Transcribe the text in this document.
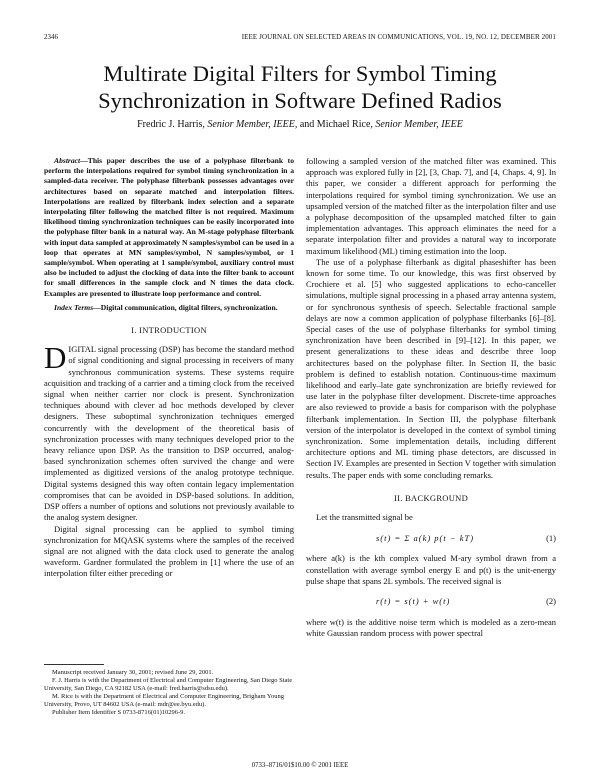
2346	IEEE JOURNAL ON SELECTED AREAS IN COMMUNICATIONS, VOL. 19, NO. 12, DECEMBER 2001
Multirate Digital Filters for Symbol Timing
Synchronization in Software Defined Radios
Fredric J. Harris, Senior Member, IEEE, and Michael Rice, Senior Member, IEEE

Abstract—This paper describes the use of a polyphase filterbank to perform the interpolations required for symbol timing synchronization in a sampled-data receiver. The polyphase filterbank possesses advantages over architectures based on separate matched and interpolation filters. Interpolations are realized by filterbank index selection and a separate interpolating filter following the matched filter is not required. Maximum likelihood timing synchronization techniques can be easily incorporated into the polyphase filter bank in a natural way. An M-stage polyphase filterbank with input data sampled at approximately N samples/symbol can be used in a loop that operates at MN samples/symbol, N samples/symbol, or 1 sample/symbol. When operating at 1 sample/symbol, auxiliary control must also be included to adjust the clocking of data into the filter bank to account for small differences in the sample clock and N times the data clock. Examples are presented to illustrate loop performance and control.

Index Terms—Digital communication, digital filters, synchronization.

I. INTRODUCTION

DIGITAL signal processing (DSP) has become the standard method of signal conditioning and signal processing in receivers of many synchronous communication systems. These systems require acquisition and tracking of a carrier and a timing clock from the received signal when neither carrier nor clock is present. Synchronization techniques abound with clever ad hoc methods developed by clever designers. These suboptimal synchronization techniques emerged concurrently with the development of the theoretical basis of synchronization processes with many techniques developed prior to the heavy reliance upon DSP. As the transition to DSP occurred, analog-based synchronization schemes often survived the change and were implemented as digitized versions of the analog prototype technique. Digital systems designed this way often contain legacy implementation compromises that can be avoided in DSP-based solutions. In addition, DSP offers a number of options and solutions not previously available to the analog system designer.

Digital signal processing can be applied to symbol timing synchronization for MQASK systems where the samples of the received signal are not aligned with the data clock used to generate the analog waveform. Gardner formulated the problem in [1] where the use of an interpolation filter either preceding or

following a sampled version of the matched filter was examined. This approach was explored fully in [2], [3, Chap. 7], and [4, Chaps. 4, 9]. In this paper, we consider a different approach for performing the interpolations required for symbol timing synchronization. We use an upsampled version of the matched filter as the interpolation filter and use a polyphase decomposition of the upsampled matched filter to gain implementation advantages. This approach eliminates the need for a separate interpolation filter and provides a natural way to incorporate maximum likelihood (ML) timing estimation into the loop.

The use of a polyphase filterbank as digital phaseshifter has been known for some time. To our knowledge, this was first observed by Crochiere et al. [5] who suggested applications to echo-canceller simulations, multiple signal processing in a phased array antenna system, or for synchronous synthesis of speech. Selectable fractional sample delays are now a common application of polyphase filterbanks [6]–[8]. Special cases of the use of polyphase filterbanks for symbol timing synchronization have been described in [9]–[12]. In this paper, we present generalizations to these ideas and describe three loop architectures based on the polyphase filter. In Section II, the basic problem is defined to establish notation. Continuous-time maximum likelihood and early–late gate synchronization are briefly reviewed for use later in the polyphase filter development. Discrete-time approaches are also reviewed to provide a basis for comparison with the polyphase filterbank implementation. In Section III, the polyphase filterbank version of the interpolator is developed in the context of symbol timing synchronization. Some implementation details, including different architecture options and ML timing phase detectors, are discussed in Section IV. Examples are presented in Section V together with simulation results. The paper ends with some concluding remarks.

II. BACKGROUND

Let the transmitted signal be

s(t) = Σ a(k) p(t − kT)	(1)

where a(k) is the kth complex valued M-ary symbol drawn from a constellation with average symbol energy E and p(t) is the unit-energy pulse shape that spans 2L symbols. The received signal is

r(t) = s(t) + w(t)	(2)

where w(t) is the additive noise term which is modeled as a zero-mean white Gaussian random process with power spectral

Manuscript received January 30, 2001; revised June 29, 2001.

F. J. Harris is with the Department of Electrical and Computer Engineering, San Diego State University, San Diego, CA 92182 USA (e-mail: fred.harris@sdsu.edu).

M. Rice is with the Department of Electrical and Computer Engineering, Brigham Young University, Provo, UT 84602 USA (e-mail: mdr@ee.byu.edu).

Publisher Item Identifier S 0733-8716(01)10296-9.

0733–8716/01$10.00 © 2001 IEEE
